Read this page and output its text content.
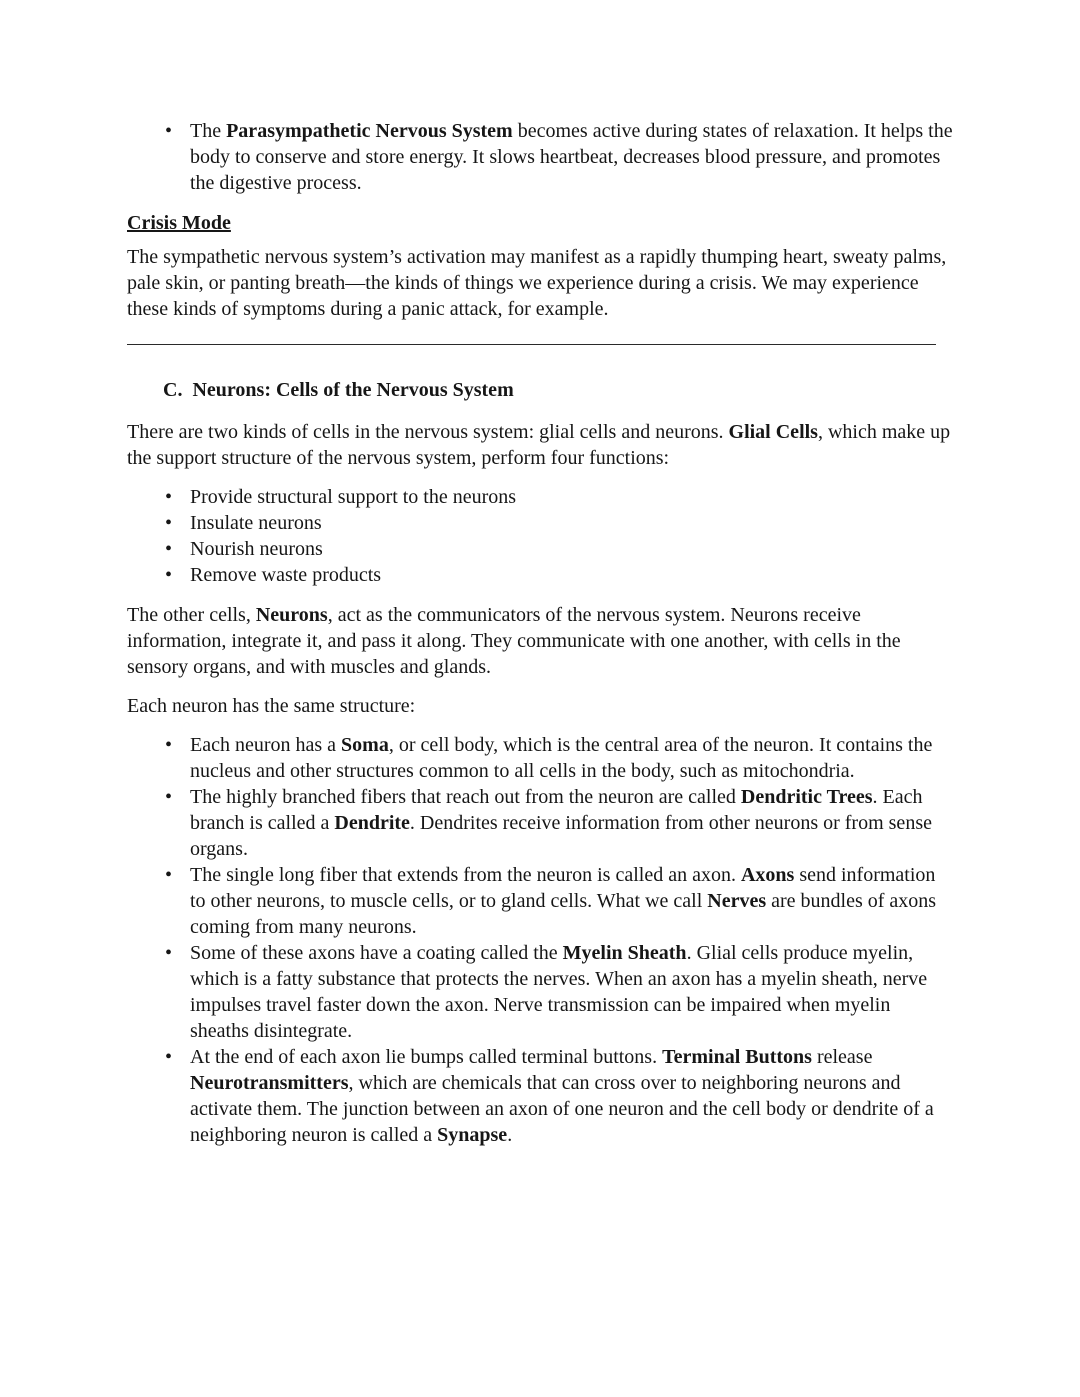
• The Parasympathetic Nervous System becomes active during states of relaxation. It helps the body to conserve and store energy. It slows heartbeat, decreases blood pressure, and promotes the digestive process.
Crisis Mode

The sympathetic nervous system’s activation may manifest as a rapidly thumping heart, sweaty palms, pale skin, or panting breath—the kinds of things we experience during a crisis. We may experience these kinds of symptoms during a panic attack, for example.

C.  Neurons: Cells of the Nervous System

There are two kinds of cells in the nervous system: glial cells and neurons. Glial Cells, which make up the support structure of the nervous system, perform four functions:

• Provide structural support to the neurons
• Insulate neurons
• Nourish neurons
• Remove waste products

The other cells, Neurons, act as the communicators of the nervous system. Neurons receive information, integrate it, and pass it along. They communicate with one another, with cells in the sensory organs, and with muscles and glands.

Each neuron has the same structure:

• Each neuron has a Soma, or cell body, which is the central area of the neuron. It contains the nucleus and other structures common to all cells in the body, such as mitochondria.
• The highly branched fibers that reach out from the neuron are called Dendritic Trees. Each branch is called a Dendrite. Dendrites receive information from other neurons or from sense organs.
• The single long fiber that extends from the neuron is called an axon. Axons send information to other neurons, to muscle cells, or to gland cells. What we call Nerves are bundles of axons coming from many neurons.
• Some of these axons have a coating called the Myelin Sheath. Glial cells produce myelin, which is a fatty substance that protects the nerves. When an axon has a myelin sheath, nerve impulses travel faster down the axon. Nerve transmission can be impaired when myelin sheaths disintegrate.
• At the end of each axon lie bumps called terminal buttons. Terminal Buttons release Neurotransmitters, which are chemicals that can cross over to neighboring neurons and activate them. The junction between an axon of one neuron and the cell body or dendrite of a neighboring neuron is called a Synapse.
